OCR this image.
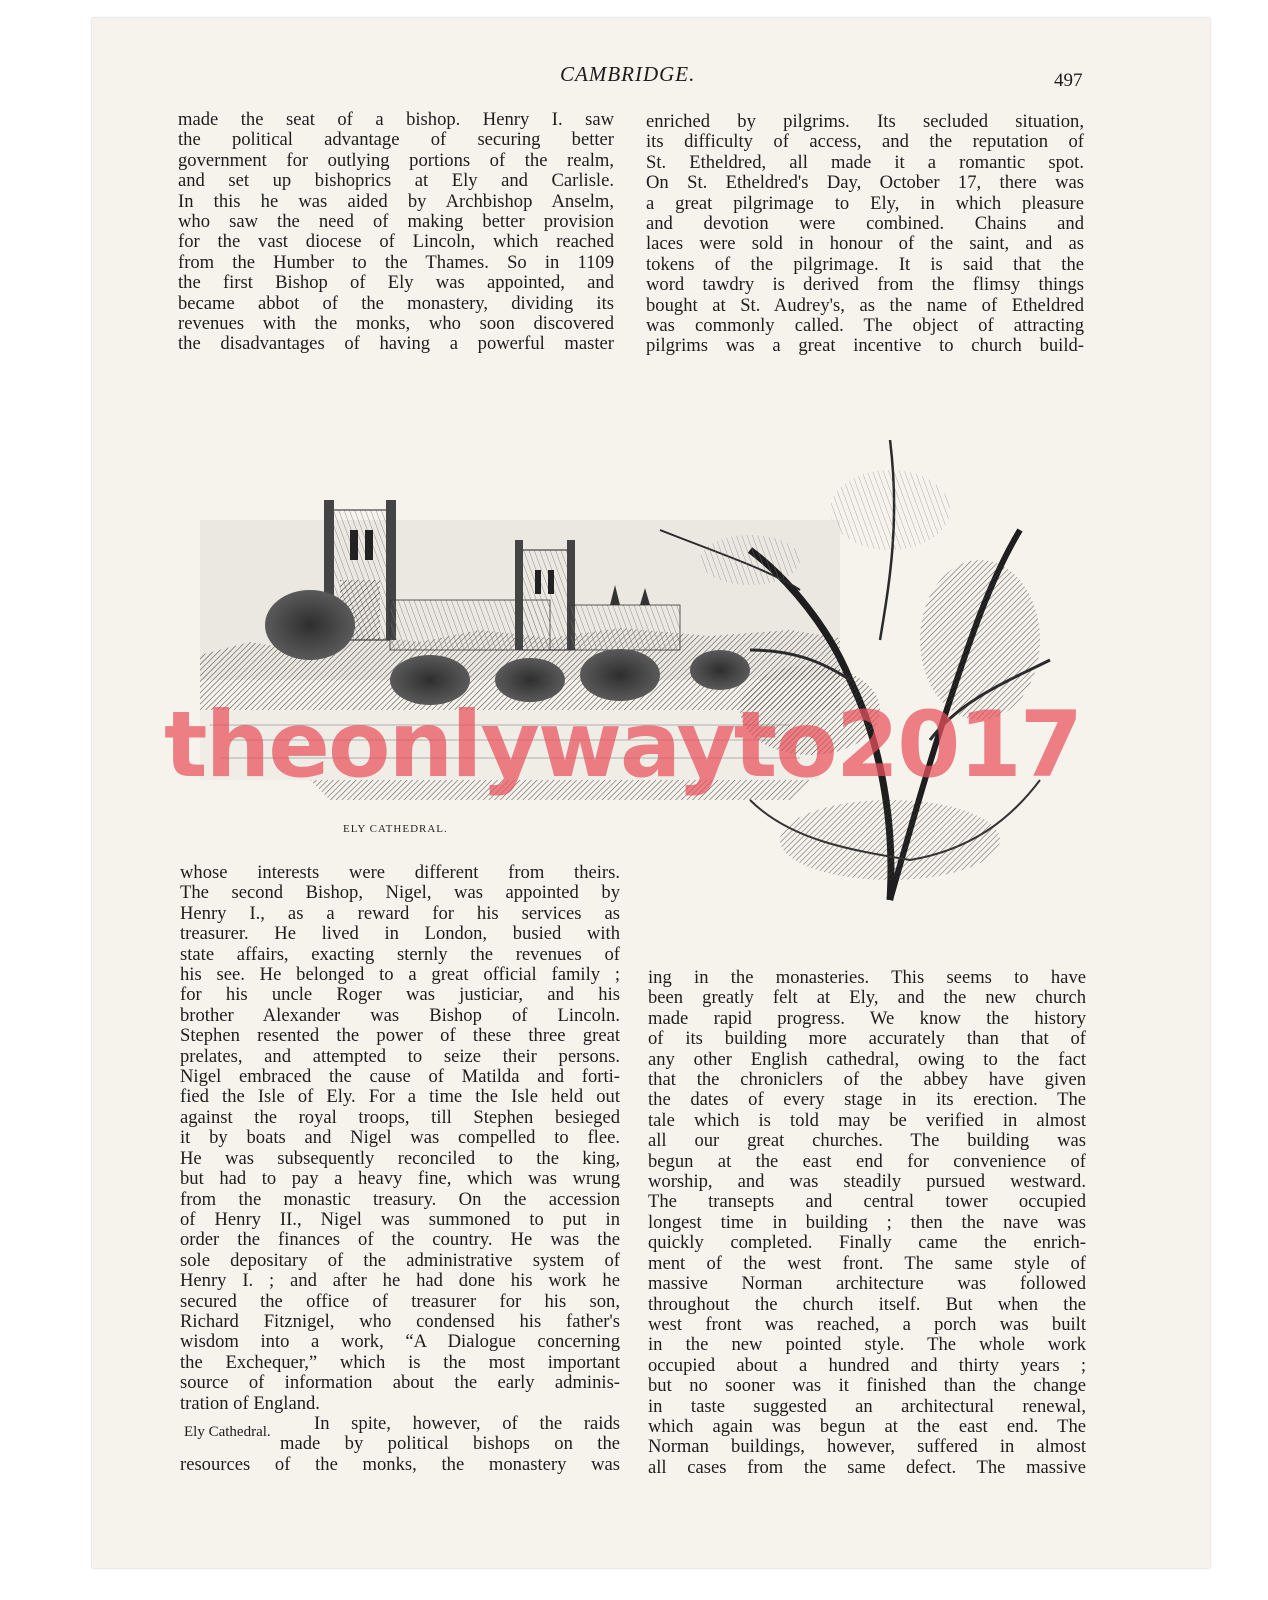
CAMBRIDGE.	497
made the seat of a bishop. Henry I. saw
the political advantage of securing better
government for outlying portions of the realm,
and set up bishoprics at Ely and Carlisle.
In this he was aided by Archbishop Anselm,
who saw the need of making better provision
for the vast diocese of Lincoln, which reached
from the Humber to the Thames. So in 1109
the first Bishop of Ely was appointed, and
became abbot of the monastery, dividing its
revenues with the monks, who soon discovered
the disadvantages of having a powerful master
enriched by pilgrims. Its secluded situation,
its difficulty of access, and the reputation of
St. Etheldred, all made it a romantic spot.
On St. Etheldred's Day, October 17, there was
a great pilgrimage to Ely, in which pleasure
and devotion were combined. Chains and
laces were sold in honour of the saint, and as
tokens of the pilgrimage. It is said that the
word tawdry is derived from the flimsy things
bought at St. Audrey's, as the name of Etheldred
was commonly called. The object of attracting
pilgrims was a great incentive to church build-
ELY CATHEDRAL.
theonlywayto2017
whose interests were different from theirs.
The second Bishop, Nigel, was appointed by
Henry I., as a reward for his services as
treasurer. He lived in London, busied with
state affairs, exacting sternly the revenues of
his see. He belonged to a great official family ;
for his uncle Roger was justiciar, and his
brother Alexander was Bishop of Lincoln.
Stephen resented the power of these three great
prelates, and attempted to seize their persons.
Nigel embraced the cause of Matilda and forti-
fied the Isle of Ely. For a time the Isle held out
against the royal troops, till Stephen besieged
it by boats and Nigel was compelled to flee.
He was subsequently reconciled to the king,
but had to pay a heavy fine, which was wrung
from the monastic treasury. On the accession
of Henry II., Nigel was summoned to put in
order the finances of the country. He was the
sole depositary of the administrative system of
Henry I. ; and after he had done his work he
secured the office of treasurer for his son,
Richard Fitznigel, who condensed his father's
wisdom into a work, “A Dialogue concerning
the Exchequer,” which is the most important
source of information about the early adminis-
tration of England.
In spite, however, of the raids
made by political bishops on the
resources of the monks, the monastery was
Ely Cathedral.
ing in the monasteries. This seems to have
been greatly felt at Ely, and the new church
made rapid progress. We know the history
of its building more accurately than that of
any other English cathedral, owing to the fact
that the chroniclers of the abbey have given
the dates of every stage in its erection. The
tale which is told may be verified in almost
all our great churches. The building was
begun at the east end for convenience of
worship, and was steadily pursued westward.
The transepts and central tower occupied
longest time in building ; then the nave was
quickly completed. Finally came the enrich-
ment of the west front. The same style of
massive Norman architecture was followed
throughout the church itself. But when the
west front was reached, a porch was built
in the new pointed style. The whole work
occupied about a hundred and thirty years ;
but no sooner was it finished than the change
in taste suggested an architectural renewal,
which again was begun at the east end. The
Norman buildings, however, suffered in almost
all cases from the same defect. The massive
